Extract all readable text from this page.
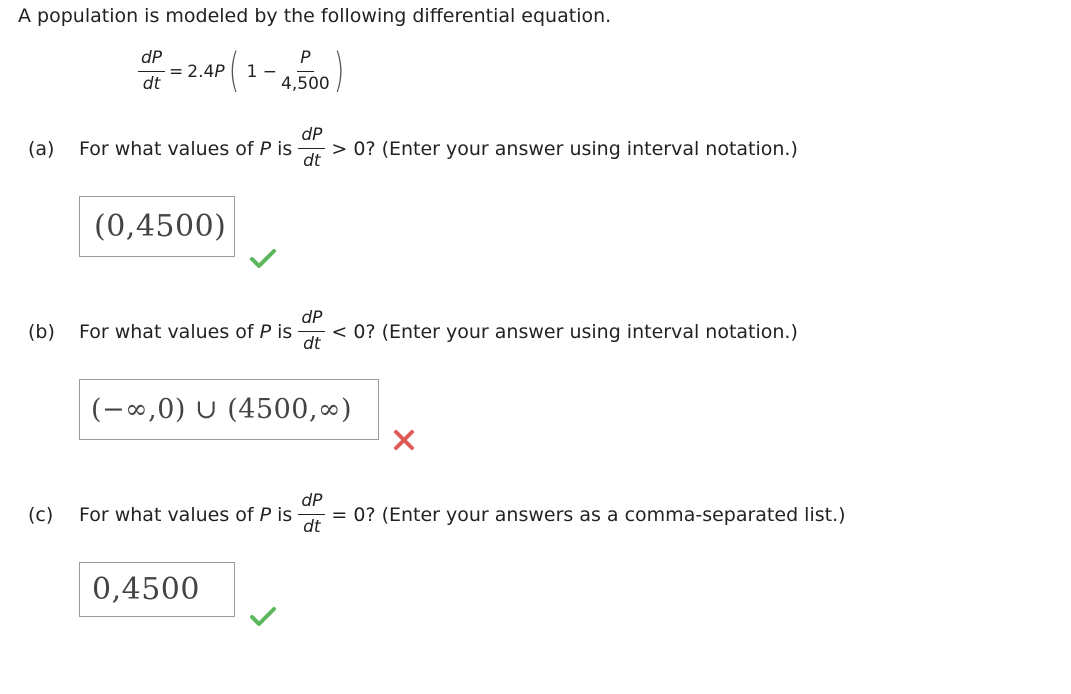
A population is modeled by the following differential equation.
$\frac{dP}{dt} = 2.4$ P ( $1 - \frac{P}{4,500}$ )
(a)	For what values of P is $\frac{dP}{dt} > 0$? (Enter your answer using interval notation.)
(0,4500)
(b)	For what values of P is $\frac{dP}{dt} < 0$? (Enter your answer using interval notation.)
(−∞,0) ∪ (4500,∞)
(c)	For what values of P is $\frac{dP}{dt} = 0$? (Enter your answers as a comma-separated list.)
0,4500
